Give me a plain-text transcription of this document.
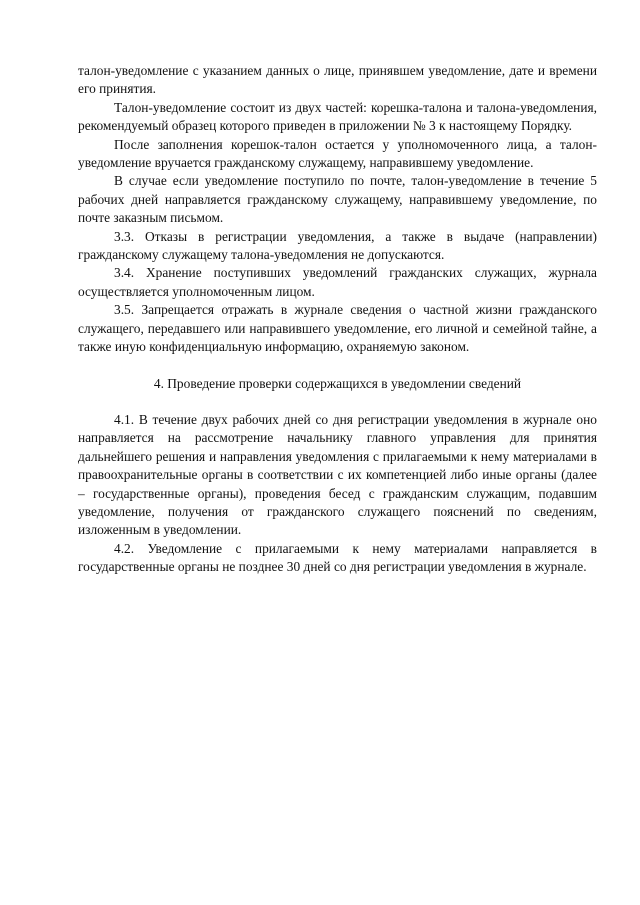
талон-уведомление с указанием данных о лице, принявшем уведомление, дате и времени его принятия.

Талон-уведомление состоит из двух частей: корешка-талона и талона-уведомления, рекомендуемый образец которого приведен в приложении № 3 к настоящему Порядку.

После заполнения корешок-талон остается у уполномоченного лица, а талон-уведомление вручается гражданскому служащему, направившему уведомление.

В случае если уведомление поступило по почте, талон-уведомление в течение 5 рабочих дней направляется гражданскому служащему, направившему уведомление, по почте заказным письмом.

3.3. Отказы в регистрации уведомления, а также в выдаче (направлении) гражданскому служащему талона-уведомления не допускаются.

3.4. Хранение поступивших уведомлений гражданских служащих, журнала осуществляется уполномоченным лицом.

3.5. Запрещается отражать в журнале сведения о частной жизни гражданского служащего, передавшего или направившего уведомление, его личной и семейной тайне, а также иную конфиденциальную информацию, охраняемую законом.

4. Проведение проверки содержащихся в уведомлении сведений

4.1. В течение двух рабочих дней со дня регистрации уведомления в журнале оно направляется на рассмотрение начальнику главного управления для принятия дальнейшего решения и направления уведомления с прилагаемыми к нему материалами в правоохранительные органы в соответствии с их компетенцией либо иные органы (далее – государственные органы), проведения бесед с гражданским служащим, подавшим уведомление, получения от гражданского служащего пояснений по сведениям, изложенным в уведомлении.

4.2. Уведомление с прилагаемыми к нему материалами направляется в государственные органы не позднее 30 дней со дня регистрации уведомления в журнале.
